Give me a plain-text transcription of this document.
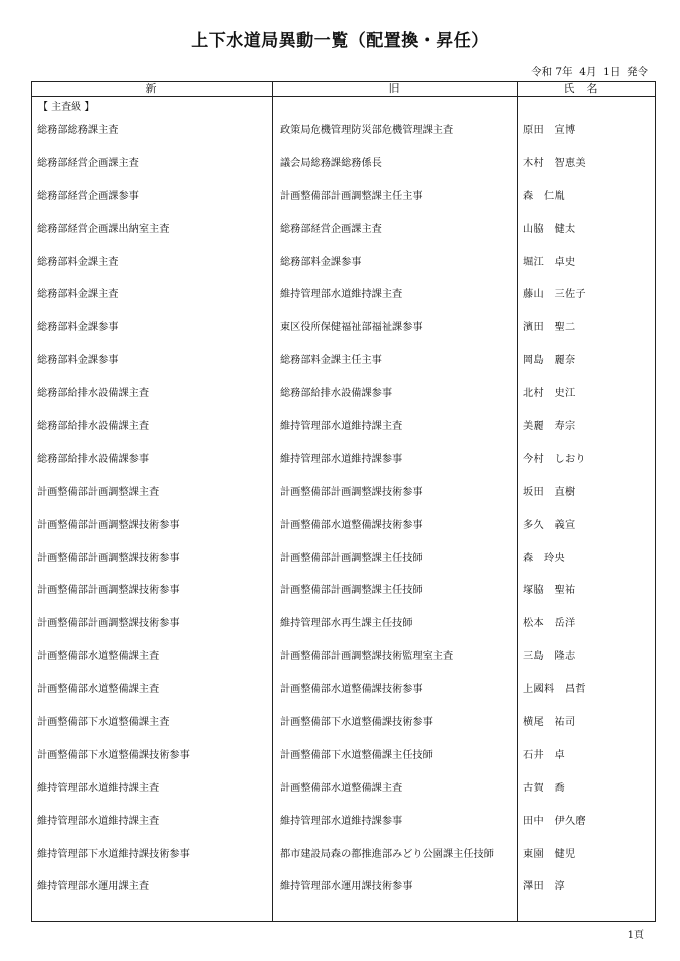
上下水道局異動一覧（配置換・昇任）
令和 7年  4月  1日  発令
新	旧	氏名
【 主査級 】
総務部総務課主査	政策局危機管理防災部危機管理課主査	原田　宣博
総務部経営企画課主査	議会局総務課総務係長	木村　智恵美
総務部経営企画課参事	計画整備部計画調整課主任主事	森　仁胤
総務部経営企画課出納室主査	総務部経営企画課主査	山脇　健太
総務部料金課主査	総務部料金課参事	堀江　卓史
総務部料金課主査	維持管理部水道維持課主査	藤山　三佐子
総務部料金課参事	東区役所保健福祉部福祉課参事	濱田　聖二
総務部料金課参事	総務部料金課主任主事	岡島　麗奈
総務部給排水設備課主査	総務部給排水設備課参事	北村　史江
総務部給排水設備課主査	維持管理部水道維持課主査	美麗　寿宗
総務部給排水設備課参事	維持管理部水道維持課参事	今村　しおり
計画整備部計画調整課主査	計画整備部計画調整課技術参事	坂田　直樹
計画整備部計画調整課技術参事	計画整備部水道整備課技術参事	多久　義宣
計画整備部計画調整課技術参事	計画整備部計画調整課主任技師	森　玲央
計画整備部計画調整課技術参事	計画整備部計画調整課主任技師	塚脇　聖祐
計画整備部計画調整課技術参事	維持管理部水再生課主任技師	松本　岳洋
計画整備部水道整備課主査	計画整備部計画調整課技術監理室主査	三島　隆志
計画整備部水道整備課主査	計画整備部水道整備課技術参事	上國料　昌哲
計画整備部下水道整備課主査	計画整備部下水道整備課技術参事	横尾　祐司
計画整備部下水道整備課技術参事	計画整備部下水道整備課主任技師	石井　卓
維持管理部水道維持課主査	計画整備部水道整備課主査	古賀　喬
維持管理部水道維持課主査	維持管理部水道維持課参事	田中　伊久磨
維持管理部下水道維持課技術参事	都市建設局森の都推進部みどり公園課主任技師	東園　健児
維持管理部水運用課主査	維持管理部水運用課技術参事	澤田　淳
1頁
